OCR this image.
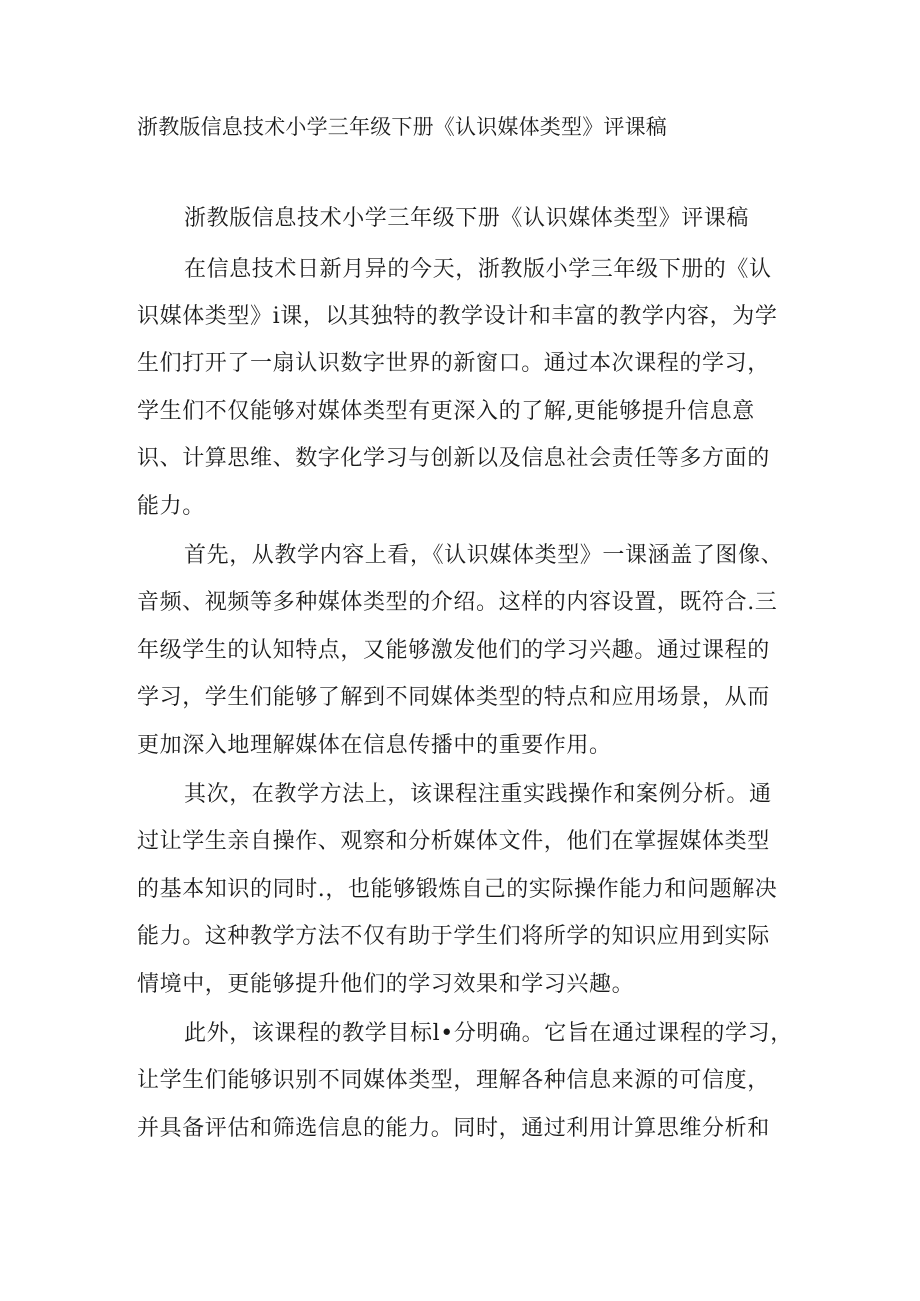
浙教版信息技术小学三年级下册《认识媒体类型》评课稿
浙教版信息技术小学三年级下册《认识媒体类型》评课稿
在信息技术日新月异的今天，浙教版小学三年级下册的《认
识媒体类型》i课，以其独特的教学设计和丰富的教学内容，为学
生们打开了一扇认识数字世界的新窗口。通过本次课程的学习，
学生们不仅能够对媒体类型有更深入的了解,更能够提升信息意
识、计算思维、数字化学习与创新以及信息社会责任等多方面的
能力。
首先，从教学内容上看，《认识媒体类型》一课涵盖了图像、
音频、视频等多种媒体类型的介绍。这样的内容设置，既符合.三
年级学生的认知特点，又能够激发他们的学习兴趣。通过课程的
学习，学生们能够了解到不同媒体类型的特点和应用场景，从而
更加深入地理解媒体在信息传播中的重要作用。
其次，在教学方法上，该课程注重实践操作和案例分析。通
过让学生亲自操作、观察和分析媒体文件，他们在掌握媒体类型
的基本知识的同时.，也能够锻炼自己的实际操作能力和问题解决
能力。这种教学方法不仅有助于学生们将所学的知识应用到实际
情境中，更能够提升他们的学习效果和学习兴趣。
此外，该课程的教学目标l•分明确。它旨在通过课程的学习，
让学生们能够识别不同媒体类型，理解各种信息来源的可信度，
并具备评估和筛选信息的能力。同时，通过利用计算思维分析和
